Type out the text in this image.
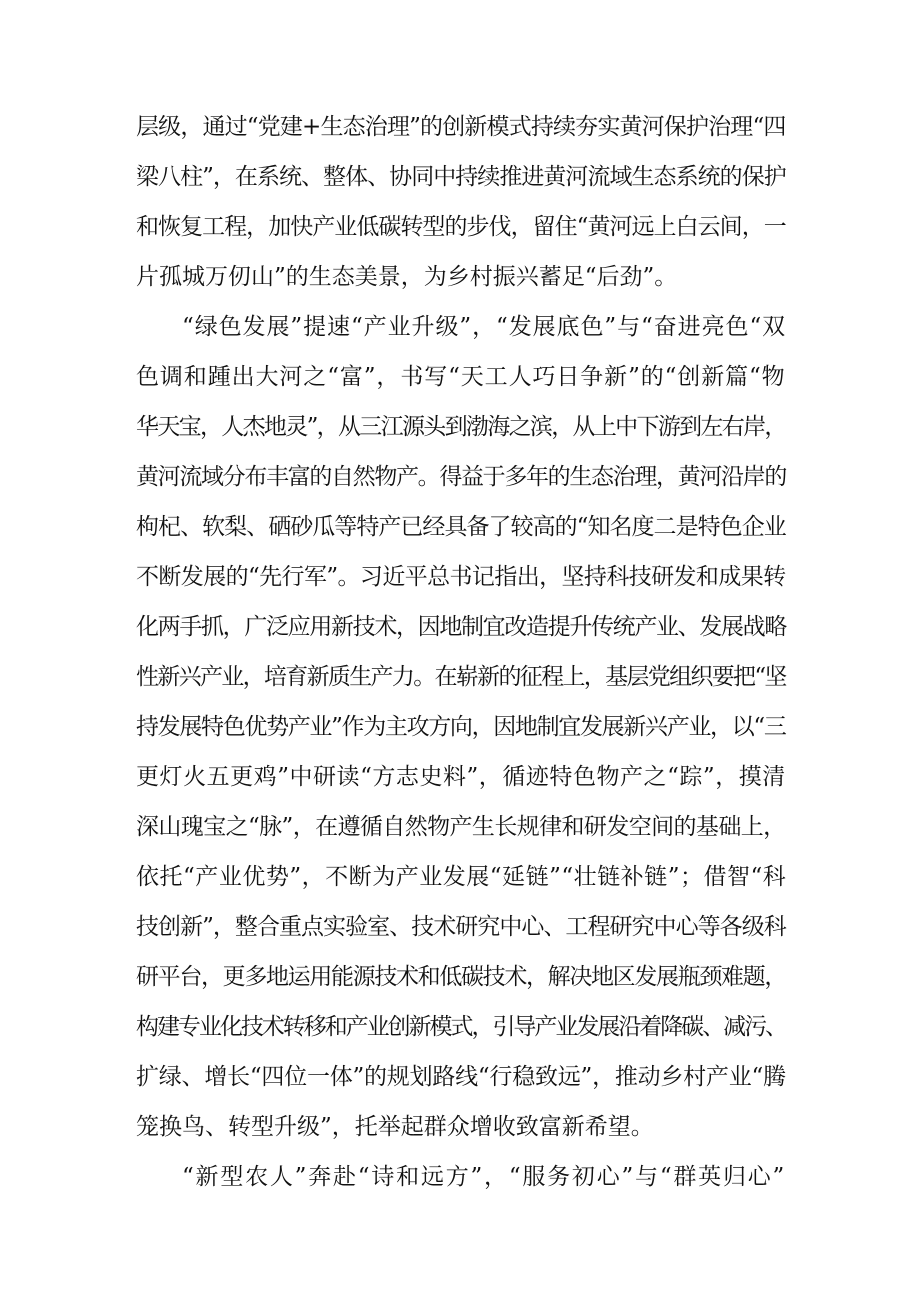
层级，通过“党建+生态治理”的创新模式持续夯实黄河保护治理“四
梁八柱”，在系统、整体、协同中持续推进黄河流域生态系统的保护
和恢复工程，加快产业低碳转型的步伐，留住“黄河远上白云间，一
片孤城万仞山”的生态美景，为乡村振兴蓄足“后劲”。
“绿色发展”提速“产业升级”，“发展底色”与“奋进亮色“双
色调和踵出大河之“富”，书写“天工人巧日争新”的“创新篇“物
华天宝，人杰地灵”，从三江源头到渤海之滨，从上中下游到左右岸，
黄河流域分布丰富的自然物产。得益于多年的生态治理，黄河沿岸的
枸杞、软梨、硒砂瓜等特产已经具备了较高的“知名度二是特色企业
不断发展的“先行军”。习近平总书记指出，坚持科技研发和成果转
化两手抓，广泛应用新技术，因地制宜改造提升传统产业、发展战略
性新兴产业，培育新质生产力。在崭新的征程上，基层党组织要把“坚
持发展特色优势产业”作为主攻方向，因地制宜发展新兴产业，以“三
更灯火五更鸡”中研读“方志史料”，循迹特色物产之“踪”，摸清
深山瑰宝之“脉”，在遵循自然物产生长规律和研发空间的基础上，
依托“产业优势”，不断为产业发展“延链”“壮链补链”；借智“科
技创新”，整合重点实验室、技术研究中心、工程研究中心等各级科
研平台，更多地运用能源技术和低碳技术，解决地区发展瓶颈难题，
构建专业化技术转移和产业创新模式，引导产业发展沿着降碳、减污、
扩绿、增长“四位一体”的规划路线“行稳致远”，推动乡村产业“腾
笼换鸟、转型升级”，托举起群众增收致富新希望。
“新型农人”奔赴“诗和远方”，“服务初心”与“群英归心”
